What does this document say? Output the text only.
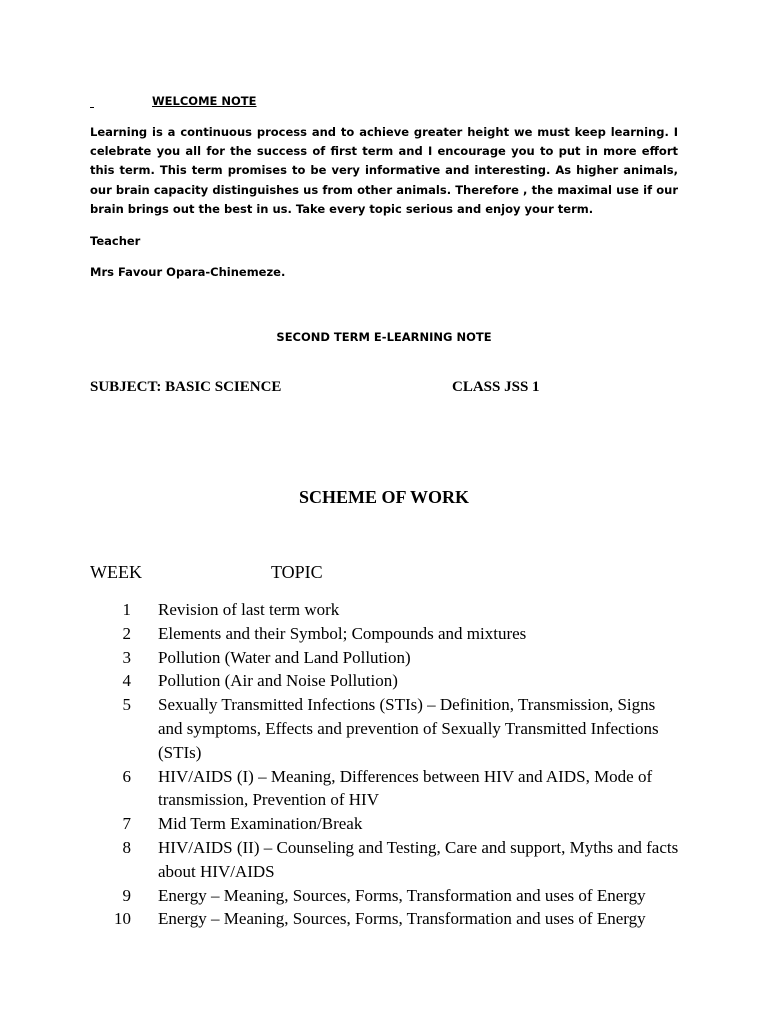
WELCOME NOTE

Learning is a continuous process and to achieve greater height we must keep learning. I celebrate you all for the success of first term and I encourage you to put in more effort this term. This term promises to be very informative and interesting. As higher animals, our brain capacity distinguishes us from other animals. Therefore , the maximal use if our brain brings out the best in us. Take every topic serious and enjoy your term.

Teacher

Mrs Favour Opara-Chinemeze.

SECOND TERM E-LEARNING NOTE

SUBJECT: BASIC SCIENCE	CLASS JSS 1

SCHEME OF WORK

WEEK	TOPIC

1 Revision of last term work
2 Elements and their Symbol; Compounds and mixtures
3 Pollution (Water and Land Pollution)
4 Pollution (Air and Noise Pollution)
5 Sexually Transmitted Infections (STIs) – Definition, Transmission, Signs and symptoms, Effects and prevention of Sexually Transmitted Infections (STIs)
6 HIV/AIDS (I) – Meaning, Differences between HIV and AIDS, Mode of transmission, Prevention of HIV
7 Mid Term Examination/Break
8 HIV/AIDS (II) – Counseling and Testing, Care and support, Myths and facts about HIV/AIDS
9 Energy – Meaning, Sources, Forms, Transformation and uses of Energy
10 Energy – Meaning, Sources, Forms, Transformation and uses of Energy
